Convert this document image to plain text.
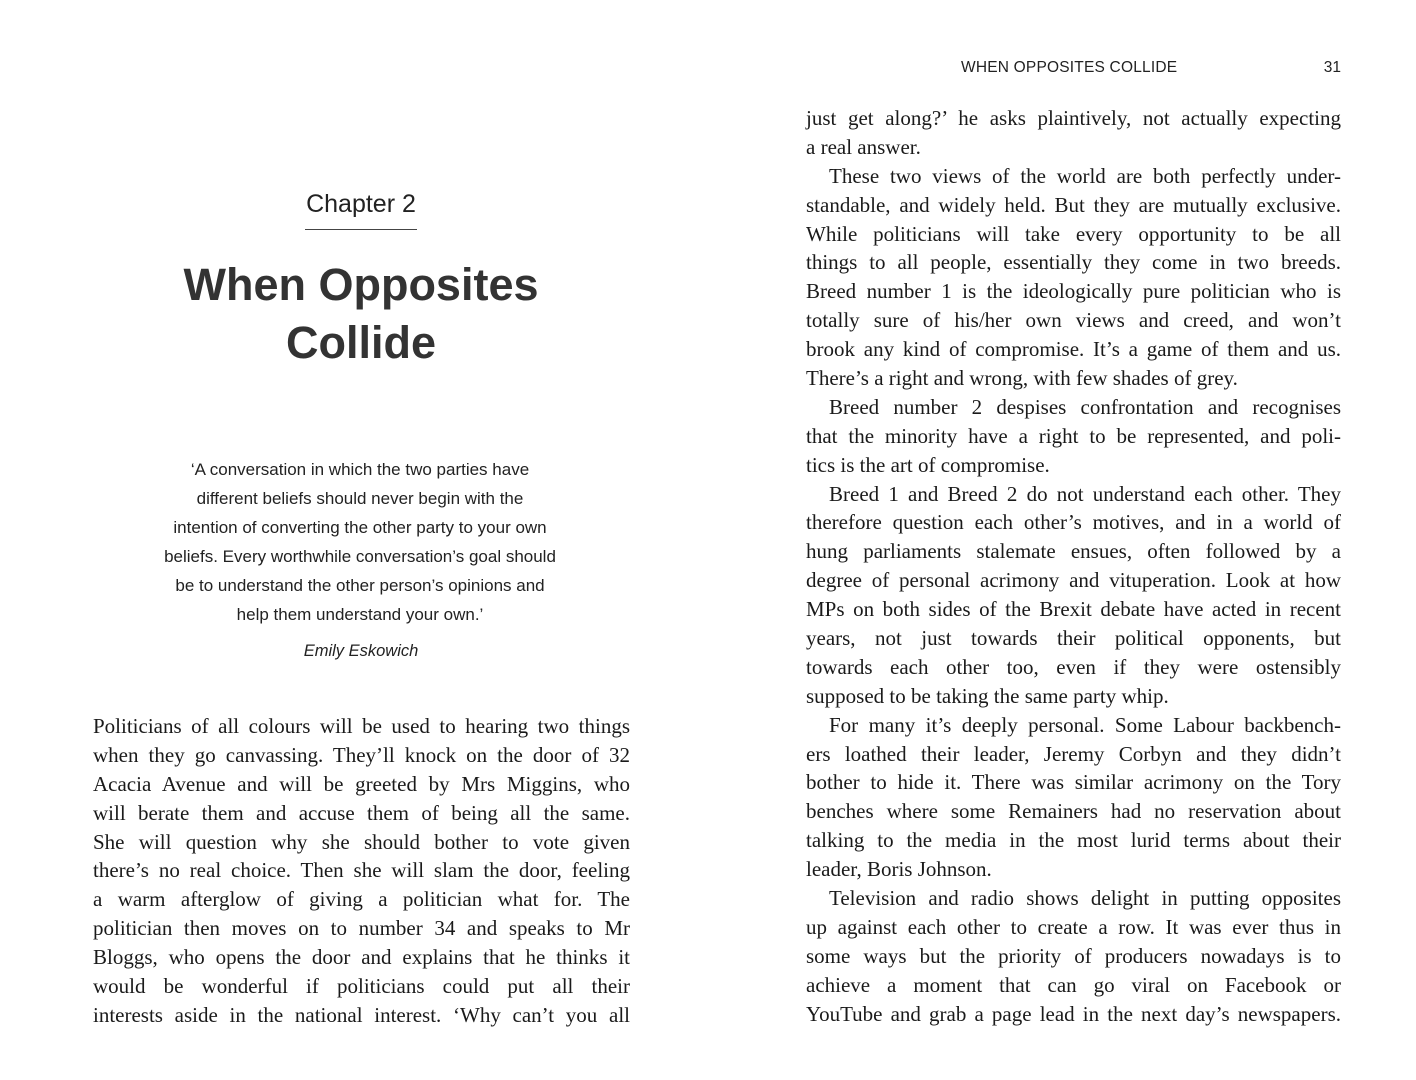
Chapter 2
When Opposites
Collide
‘A conversation in which the two parties have
different beliefs should never begin with the
intention of converting the other party to your own
beliefs. Every worthwhile conversation’s goal should
be to understand the other person’s opinions and
help them understand your own.’
Emily Eskowich
Politicians of all colours will be used to hearing two things
when they go canvassing. They’ll knock on the door of 32
Acacia Avenue and will be greeted by Mrs Miggins, who
will berate them and accuse them of being all the same.
She will question why she should bother to vote given
there’s no real choice. Then she will slam the door, feeling
a warm afterglow of giving a politician what for. The
politician then moves on to number 34 and speaks to Mr
Bloggs, who opens the door and explains that he thinks it
would be wonderful if politicians could put all their
interests aside in the national interest. ‘Why can’t you all
WHEN OPPOSITES COLLIDE	31
just get along?’ he asks plaintively, not actually expecting
a real answer.
These two views of the world are both perfectly under-
standable, and widely held. But they are mutually exclusive.
While politicians will take every opportunity to be all
things to all people, essentially they come in two breeds.
Breed number 1 is the ideologically pure politician who is
totally sure of his/her own views and creed, and won’t
brook any kind of compromise. It’s a game of them and us.
There’s a right and wrong, with few shades of grey.
Breed number 2 despises confrontation and recognises
that the minority have a right to be represented, and poli-
tics is the art of compromise.
Breed 1 and Breed 2 do not understand each other. They
therefore question each other’s motives, and in a world of
hung parliaments stalemate ensues, often followed by a
degree of personal acrimony and vituperation. Look at how
MPs on both sides of the Brexit debate have acted in recent
years, not just towards their political opponents, but
towards each other too, even if they were ostensibly
supposed to be taking the same party whip.
For many it’s deeply personal. Some Labour backbench-
ers loathed their leader, Jeremy Corbyn and they didn’t
bother to hide it. There was similar acrimony on the Tory
benches where some Remainers had no reservation about
talking to the media in the most lurid terms about their
leader, Boris Johnson.
Television and radio shows delight in putting opposites
up against each other to create a row. It was ever thus in
some ways but the priority of producers nowadays is to
achieve a moment that can go viral on Facebook or
YouTube and grab a page lead in the next day’s newspapers.
